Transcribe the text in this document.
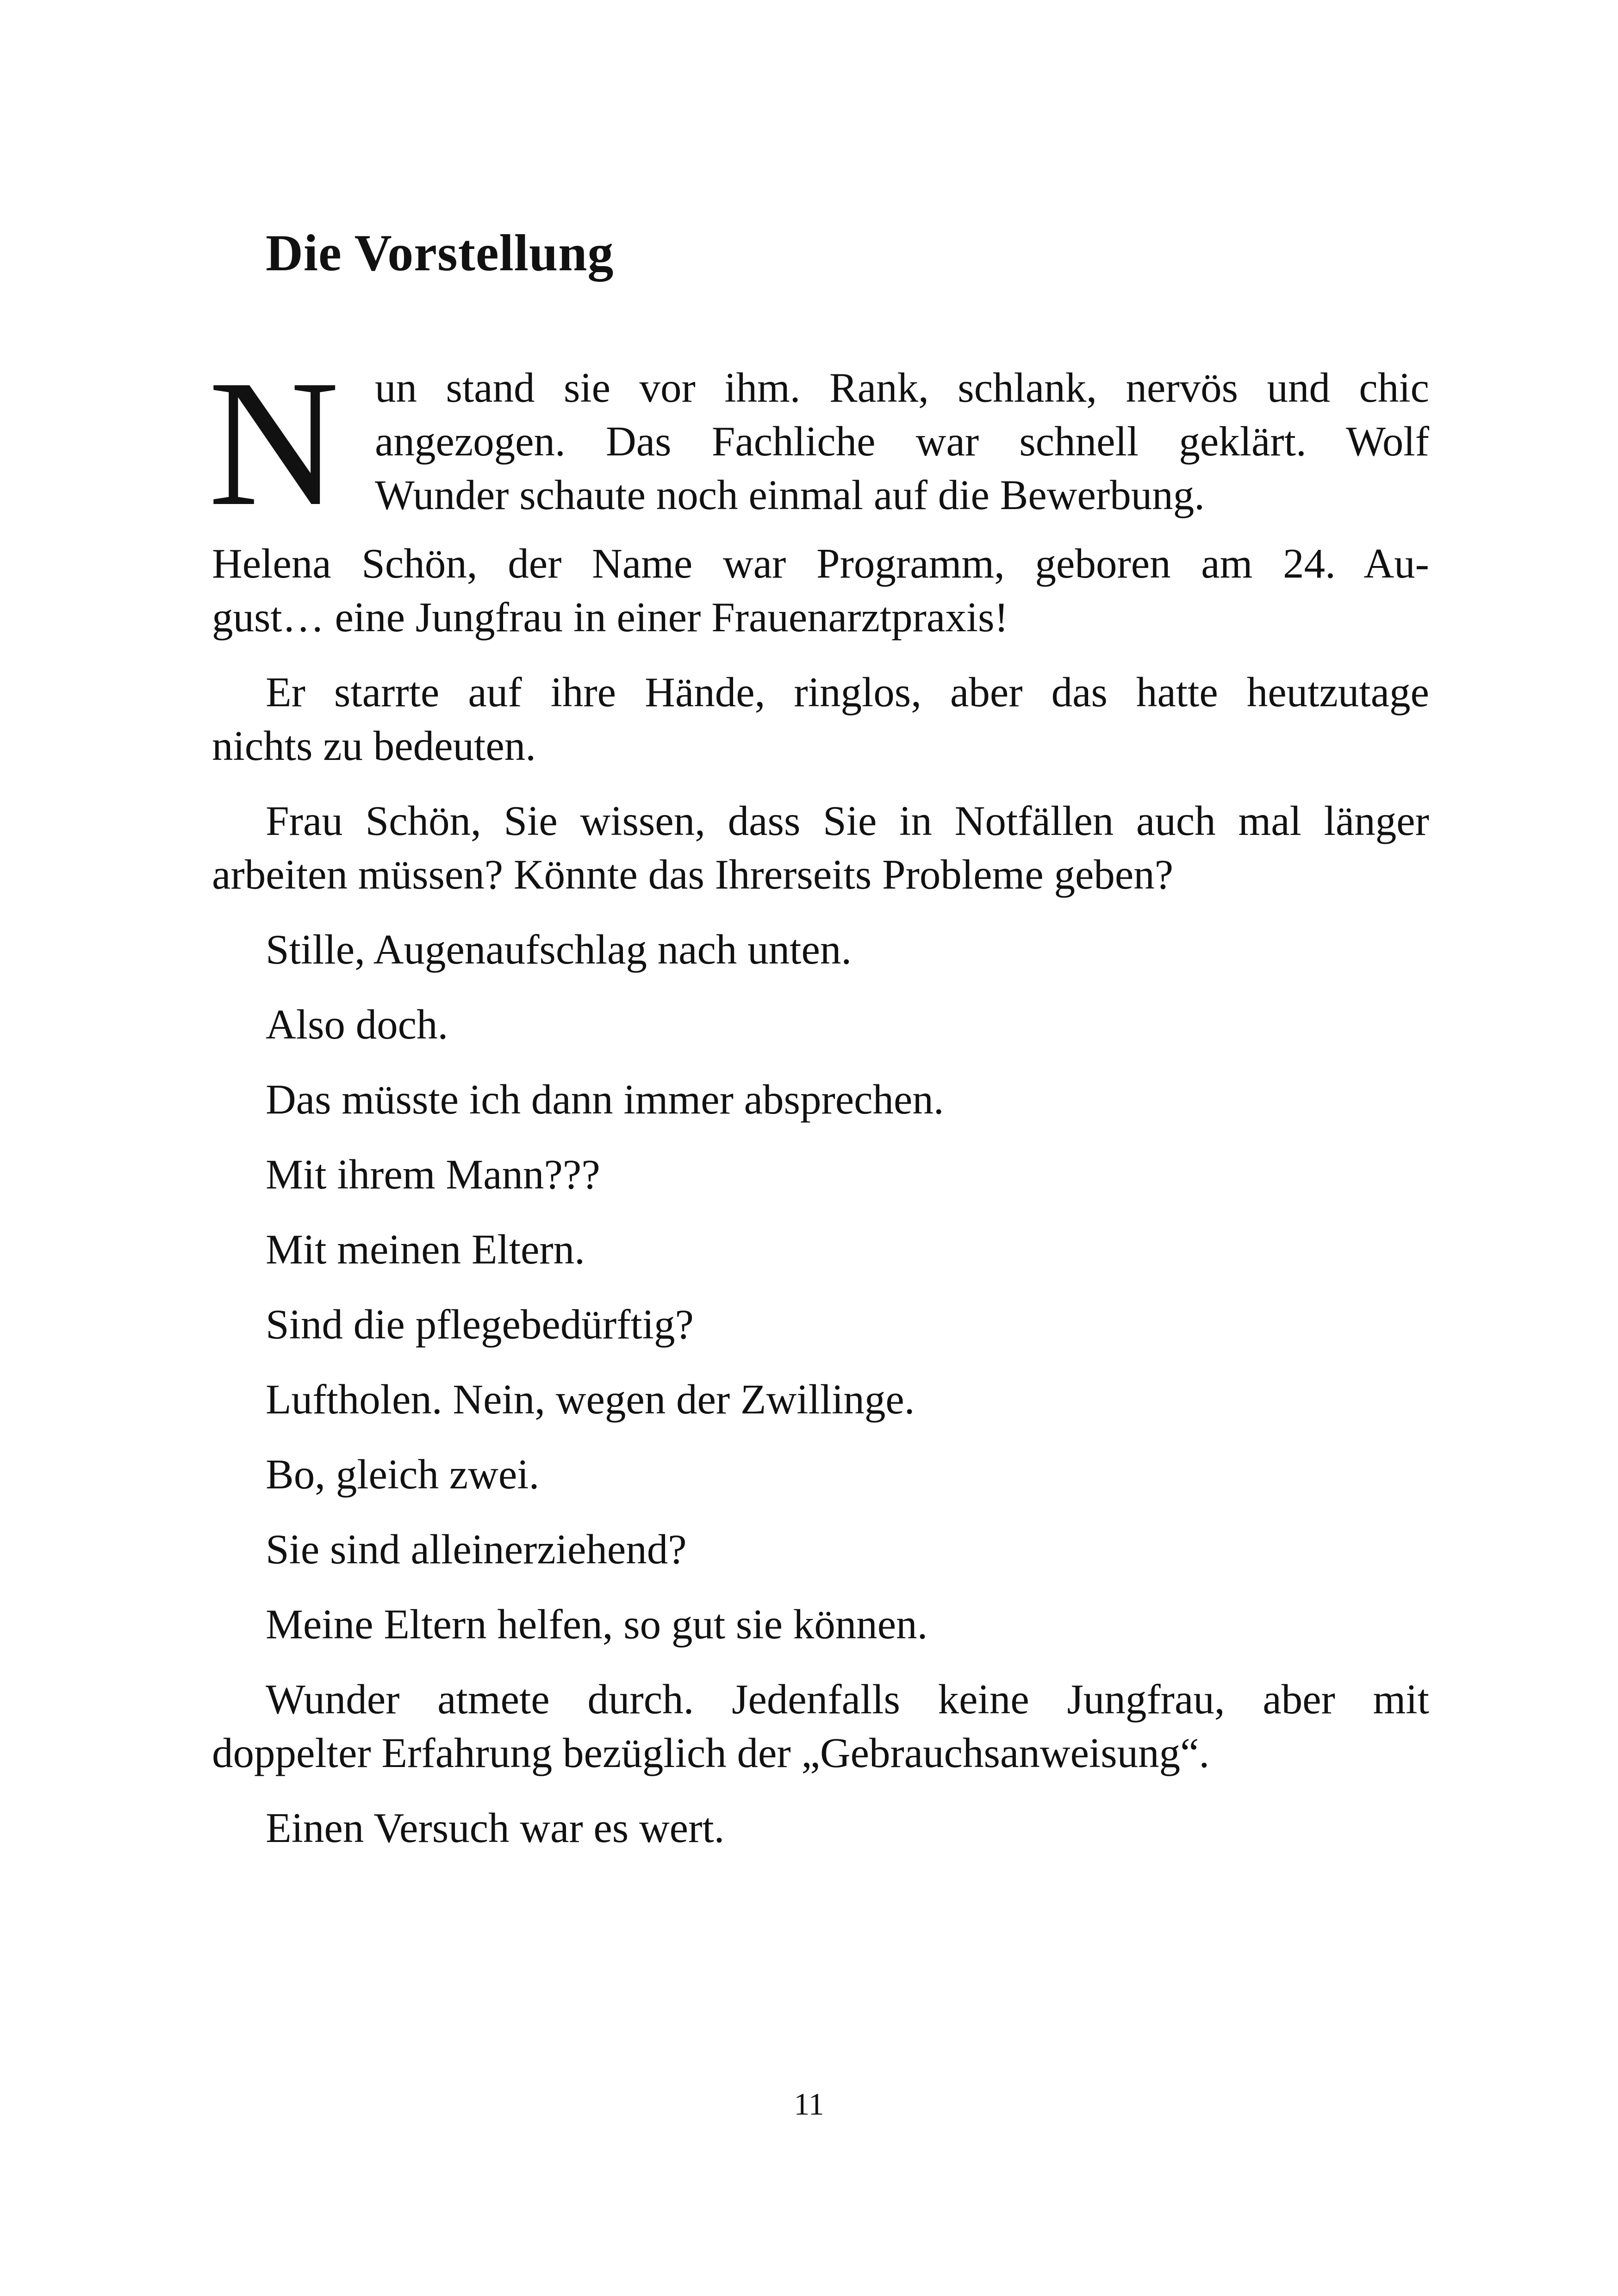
Die Vorstellung
N un stand sie vor ihm. Rank, schlank, nervös und chic

angezogen. Das Fachliche war schnell geklärt. Wolf

Wunder schaute noch einmal auf die Bewerbung.

Helena Schön, der Name war Programm, geboren am 24. Au-
gust… eine Jungfrau in einer Frauenarztpraxis!

Er starrte auf ihre Hände, ringlos, aber das hatte heutzutage
nichts zu bedeuten.

Frau Schön, Sie wissen, dass Sie in Notfällen auch mal länger
arbeiten müssen? Könnte das Ihrerseits Probleme geben?

Stille, Augenaufschlag nach unten.

Also doch.

Das müsste ich dann immer absprechen.

Mit ihrem Mann???

Mit meinen Eltern.

Sind die pflegebedürftig?

Luftholen. Nein, wegen der Zwillinge.

Bo, gleich zwei.

Sie sind alleinerziehend?

Meine Eltern helfen, so gut sie können.

Wunder atmete durch. Jedenfalls keine Jungfrau, aber mit
doppelter Erfahrung bezüglich der „Gebrauchsanweisung“.

Einen Versuch war es wert.

11
